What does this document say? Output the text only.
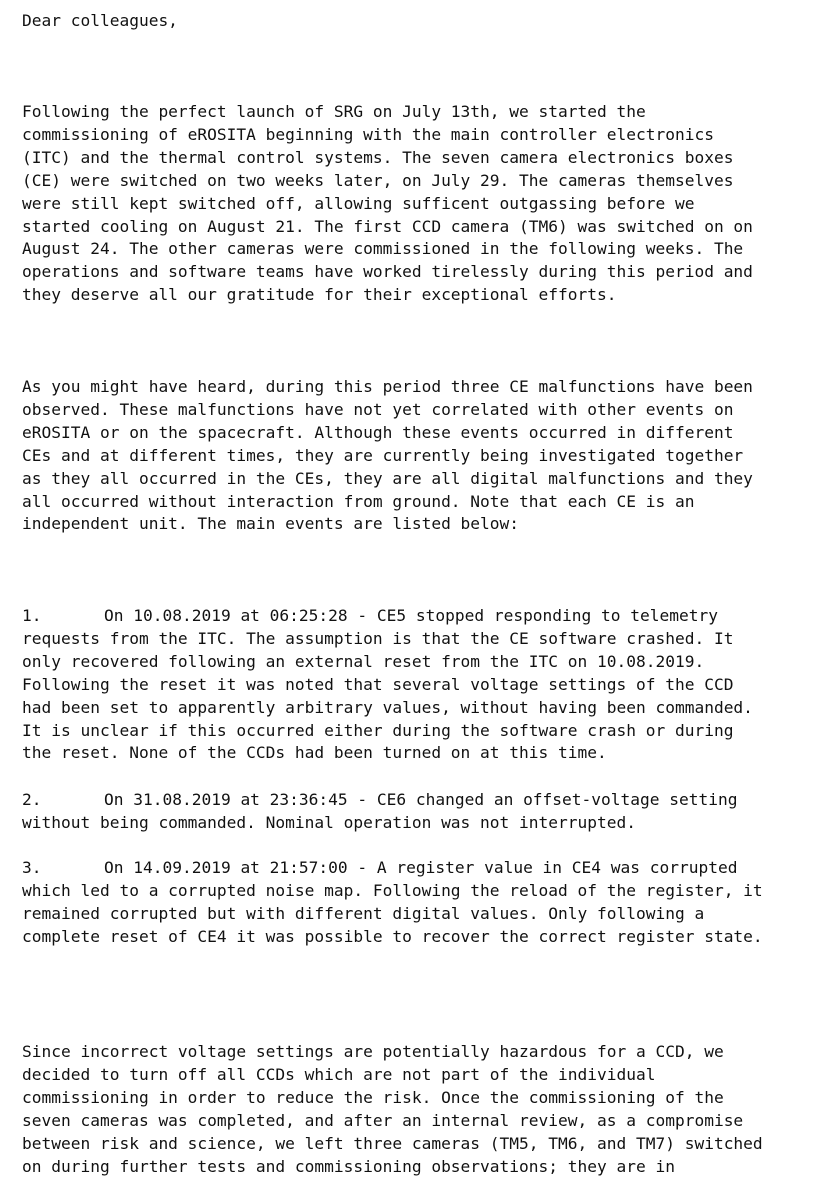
Dear colleagues,

Following the perfect launch of SRG on July 13th, we started the
commissioning of eROSITA beginning with the main controller electronics
(ITC) and the thermal control systems. The seven camera electronics boxes
(CE) were switched on two weeks later, on July 29. The cameras themselves
were still kept switched off, allowing sufficent outgassing before we
started cooling on August 21. The first CCD camera (TM6) was switched on on
August 24. The other cameras were commissioned in the following weeks. The
operations and software teams have worked tirelessly during this period and
they deserve all our gratitude for their exceptional efforts.

As you might have heard, during this period three CE malfunctions have been
observed. These malfunctions have not yet correlated with other events on
eROSITA or on the spacecraft. Although these events occurred in different
CEs and at different times, they are currently being investigated together
as they all occurred in the CEs, they are all digital malfunctions and they
all occurred without interaction from ground. Note that each CE is an
independent unit. The main events are listed below:

1.	On 10.08.2019 at 06:25:28 - CE5 stopped responding to telemetry
requests from the ITC. The assumption is that the CE software crashed. It
only recovered following an external reset from the ITC on 10.08.2019.
Following the reset it was noted that several voltage settings of the CCD
had been set to apparently arbitrary values, without having been commanded.
It is unclear if this occurred either during the software crash or during
the reset. None of the CCDs had been turned on at this time.

2.	On 31.08.2019 at 23:36:45 - CE6 changed an offset-voltage setting
without being commanded. Nominal operation was not interrupted.

3.	On 14.09.2019 at 21:57:00 - A register value in CE4 was corrupted
which led to a corrupted noise map. Following the reload of the register, it
remained corrupted but with different digital values. Only following a
complete reset of CE4 it was possible to recover the correct register state.

Since incorrect voltage settings are potentially hazardous for a CCD, we
decided to turn off all CCDs which are not part of the individual
commissioning in order to reduce the risk. Once the commissioning of the
seven cameras was completed, and after an internal review, as a compromise
between risk and science, we left three cameras (TM5, TM6, and TM7) switched
on during further tests and commissioning observations; they are in
